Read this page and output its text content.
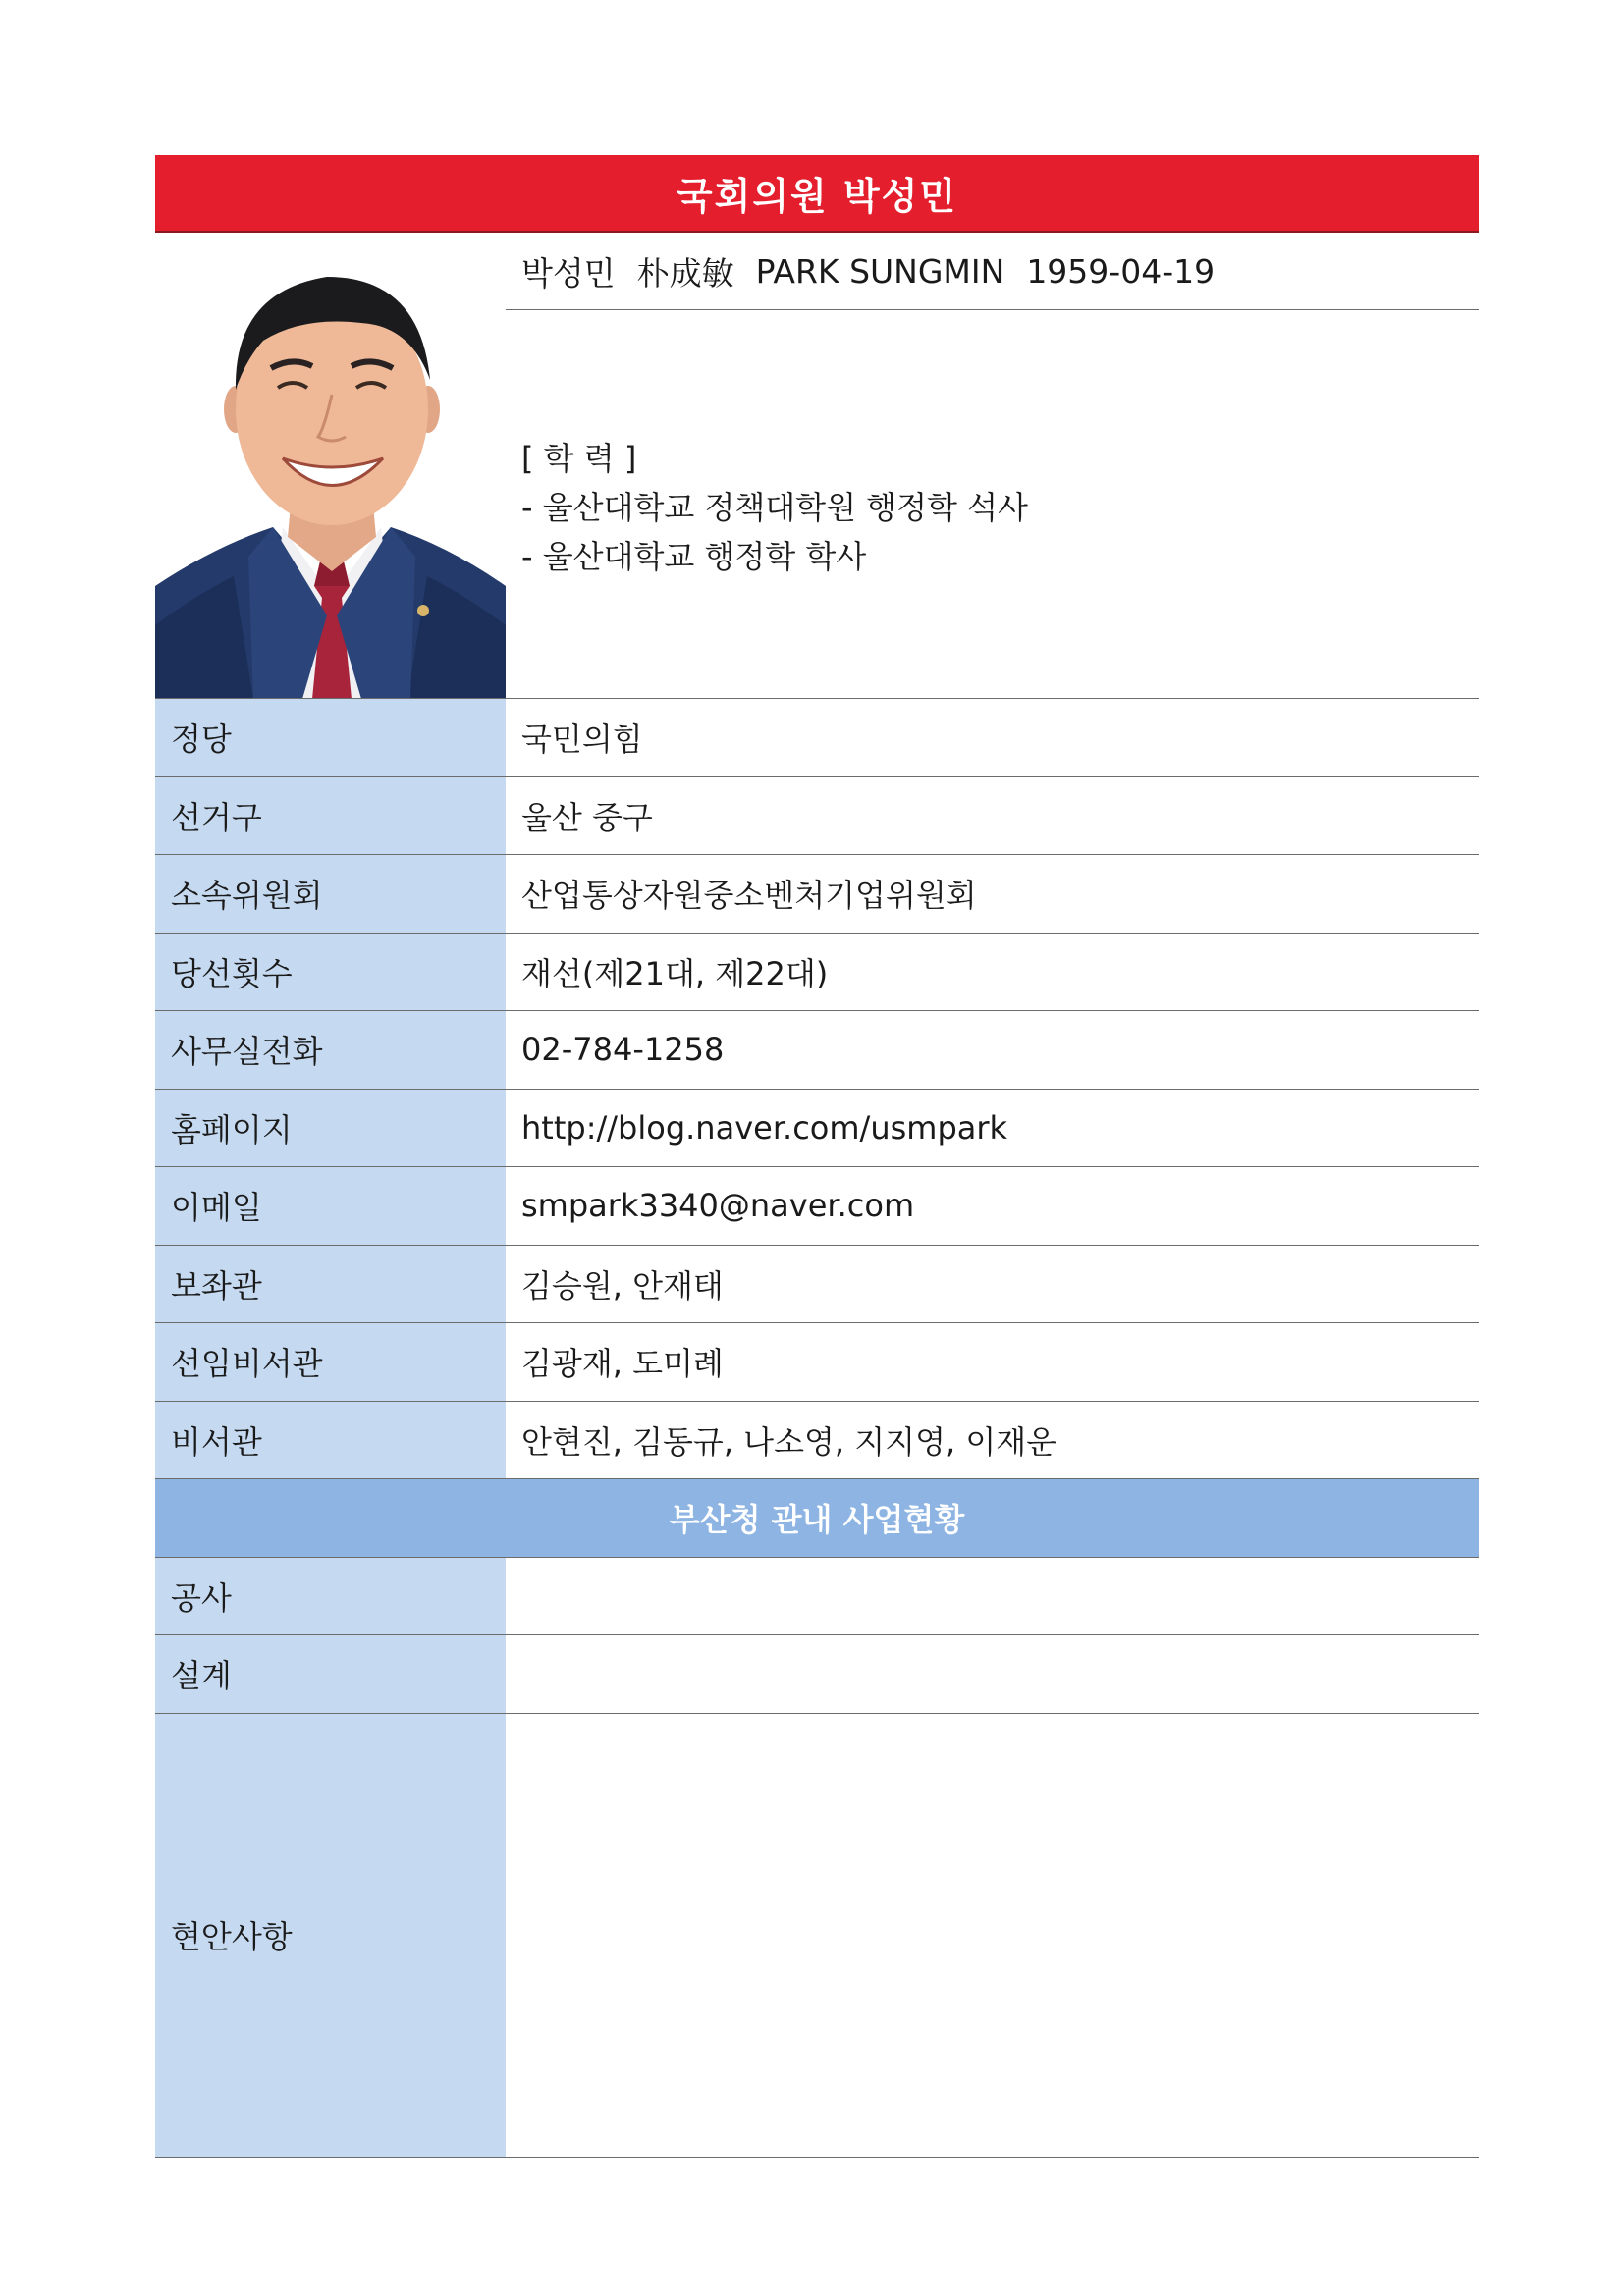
국회의원 박성민
박성민 朴成敏 PARK SUNGMIN 1959-04-19
[ 학 력 ]
- 울산대학교 정책대학원 행정학 석사
- 울산대학교 행정학 학사
정당	국민의힘
선거구	울산 중구
소속위원회	산업통상자원중소벤처기업위원회
당선횟수	재선(제21대, 제22대)
사무실전화	02-784-1258
홈페이지	http://blog.naver.com/usmpark
이메일	smpark3340@naver.com
보좌관	김승원, 안재태
선임비서관	김광재, 도미례
비서관	안현진, 김동규, 나소영, 지지영, 이재운
부산청 관내 사업현황
공사
설계
현안사항
